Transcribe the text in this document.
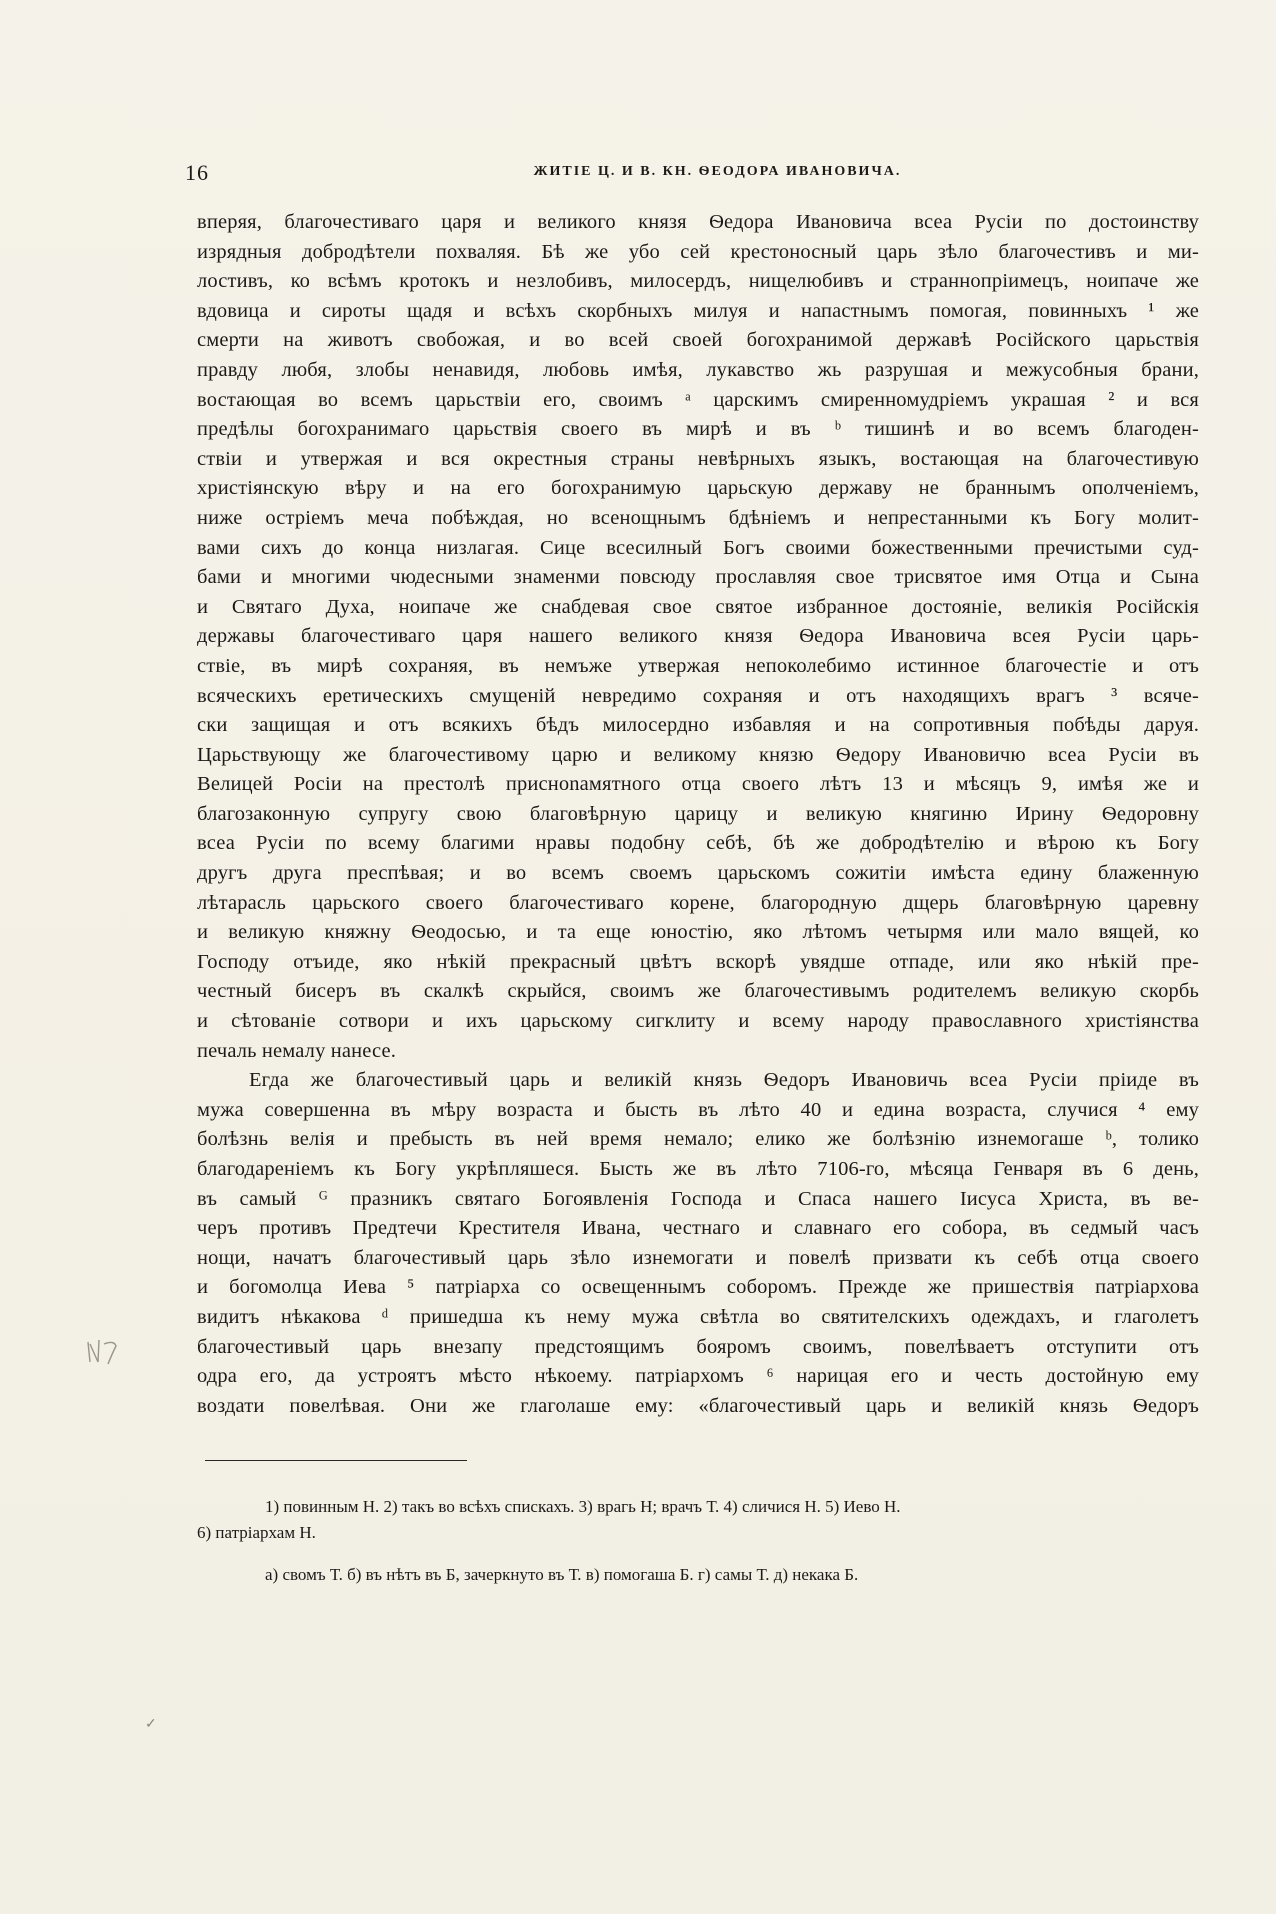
16	ЖИТІЕ Ц. И В. КН. ѲЕОДОРА ИВАНОВИЧА.
вперяя, благочестиваго царя и великого князя Ѳедора Ивановича всеа Русіи по достоинству
изрядныя добродѣтели похваляя. Бѣ же убо сей крестоносный царь зѣло благочестивъ и ми-
лостивъ, ко всѣмъ кротокъ и незлобивъ, милосердъ, нищелюбивъ и страннопріимецъ, ноипаче же
вдовица и сироты щадя и всѣхъ скорбныхъ милуя и напастнымъ помогая, повинныхъ ¹ же
смерти на животъ свобожая, и во всей своей богохранимой державѣ Російского царьствія
правду любя, злобы ненавидя, любовь имѣя, лукавство жь разрушая и межусобныя брани,
востающая во всемъ царьствіи его, своимъ ᵃ царскимъ смиренномудріемъ украшая ² и вся
предѣлы богохранимаго царьствія своего въ мирѣ и въ ᵇ тишинѣ и во всемъ благоден-
ствіи и утвержая и вся окрестныя страны невѣрныхъ языкъ, востающая на благочестивую
христіянскую вѣру и на его богохранимую царьскую державу не браннымъ ополченіемъ,
ниже остріемъ меча побѣждая, но всенощнымъ бдѣніемъ и непрестанными къ Богу молит-
вами сихъ до конца низлагая. Сице всесилный Богъ своими божественными пречистыми суд-
бами и многими чюдесными знаменми повсюду прославляя свое трисвятое имя Отца и Сына
и Святаго Духа, ноипаче же снабдевая свое святое избранное достояніе, великія Російскія
державы благочестиваго царя нашего великого князя Ѳедора Ивановича всея Русіи царь-
ствіе, въ мирѣ сохраняя, въ немъже утвержая непоколебимо истинное благочестіе и отъ
всяческихъ еретическихъ смущеній невредимо сохраняя и отъ находящихъ врагъ ³ всяче-
ски защищая и отъ всякихъ бѣдъ милосердно избавляя и на сопротивныя побѣды даруя.
Царьствующу же благочестивому царю и великому князю Ѳедору Ивановичю всеа Русіи въ
Велицей Росіи на престолѣ присноnамятного отца своего лѣтъ 13 и мѣсяцъ 9, имѣя же и
благозаконную супругу свою благовѣрную царицу и великую княгиню Ирину Ѳедоровну
всеа Русіи по всему благими нравы подобну себѣ, бѣ же добродѣтелію и вѣрою къ Богу
другъ друга преспѣвая; и во всемъ своемъ царьскомъ сожитіи имѣста едину блаженную
лѣтарасль царьского своего благочестиваго корене, благородную дщерь благовѣрную царевну
и великую княжну Ѳеодосью, и та еще юностію, яко лѣтомъ четырмя или мало вящей, ко
Господу отъиде, яко нѣкій прекрасный цвѣтъ вскорѣ увядше отпаде, или яко нѣкій пре-
честный бисеръ въ скалкѣ скрыйся, своимъ же благочестивымъ родителемъ великую скорбь
и сѣтованіе сотвори и ихъ царьскому сигклиту и всему народу православного христіянства
печаль немалу нанесе.
Егда же благочестивый царь и великій князь Ѳедоръ Ивановичь всеа Русіи пріиде въ
мужа совершенна въ мѣру возраста и бысть въ лѣто 40 и едина возраста, случися ⁴ ему
болѣзнь велія и пребысть въ ней время немало; елико же болѣзнію изнемогаше ᵇ, толико
благодареніемъ къ Богу укрѣпляшеся. Бысть же въ лѣто 7106-го, мѣсяца Генваря въ 6 день,
въ самый ᴳ празникъ святаго Богоявленія Господа и Спаса нашего Іисуса Христа, въ ве-
черъ противъ Предтечи Крестителя Ивана, честнаго и славнаго его собора, въ седмый часъ
нощи, начатъ благочестивый царь зѣло изнемогати и повелѣ призвати къ себѣ отца своего
и богомолца Иева ⁵ патріарха со освещеннымъ соборомъ. Прежде же пришествія патріархова
видитъ нѣкакова ᵈ пришедша къ нему мужа свѣтла во святителскихъ одеждахъ, и глаголетъ
благочестивый царь внезапу предстоящимъ бояромъ своимъ, повелѣваетъ отступити отъ
одра его, да устроятъ мѣсто нѣкоему. патріархомъ ⁶ нарицая его и честь достойную ему
воздати повелѣвая. Они же глаголаше ему: «благочестивый царь и великій князь Ѳедоръ
1) повинным Н. 2) такъ во всѣхъ спискахъ. 3) врагь Н; врачъ Т. 4) сличися Н. 5) Иево Н.
6) патріархам Н.
а) свомъ Т. б) въ нѣтъ въ Б, зачеркнуто въ Т. в) помогаша Б. г) самы Т. д) некака Б.
✓
